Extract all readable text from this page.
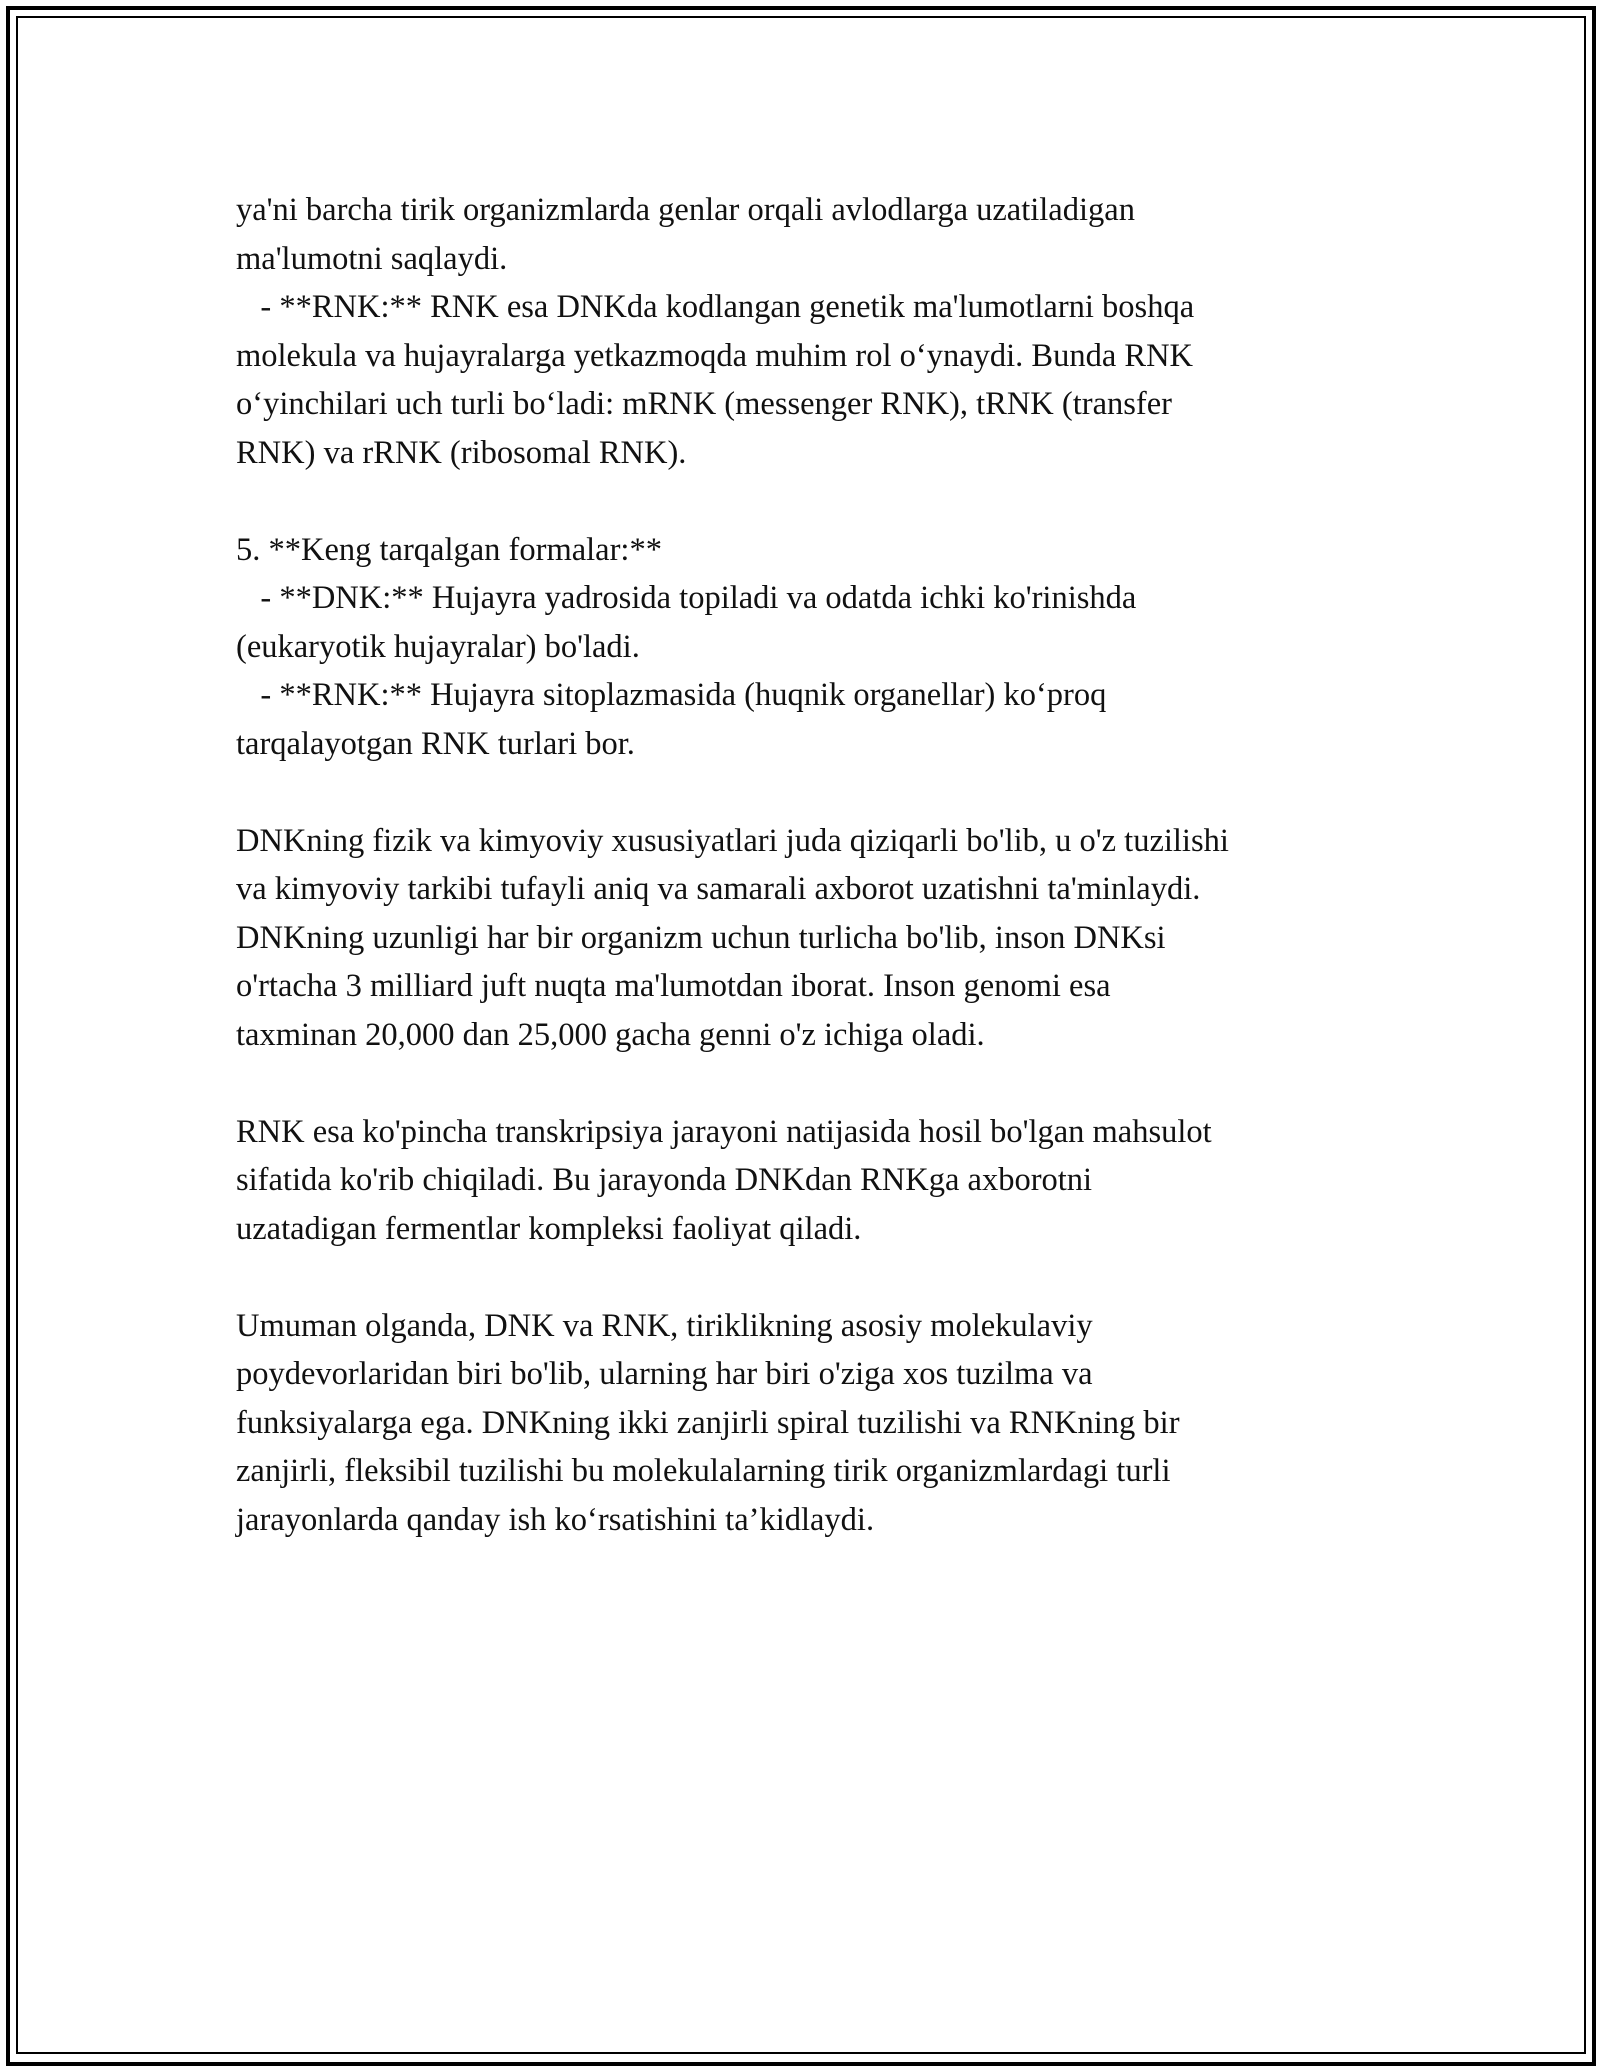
ya'ni barcha tirik organizmlarda genlar orqali avlodlarga uzatiladigan
ma'lumotni saqlaydi.
- **RNK:** RNK esa DNKda kodlangan genetik ma'lumotlarni boshqa
molekula va hujayralarga yetkazmoqda muhim rol o‘ynaydi. Bunda RNK
o‘yinchilari uch turli bo‘ladi: mRNK (messenger RNK), tRNK (transfer
RNK) va rRNK (ribosomal RNK).
5. **Keng tarqalgan formalar:**
- **DNK:** Hujayra yadrosida topiladi va odatda ichki ko'rinishda
(eukaryotik hujayralar) bo'ladi.
- **RNK:** Hujayra sitoplazmasida (huqnik organellar) ko‘proq
tarqalayotgan RNK turlari bor.
DNKning fizik va kimyoviy xususiyatlari juda qiziqarli bo'lib, u o'z tuzilishi
va kimyoviy tarkibi tufayli aniq va samarali axborot uzatishni ta'minlaydi.
DNKning uzunligi har bir organizm uchun turlicha bo'lib, inson DNKsi
o'rtacha 3 milliard juft nuqta ma'lumotdan iborat. Inson genomi esa
taxminan 20,000 dan 25,000 gacha genni o'z ichiga oladi.
RNK esa ko'pincha transkripsiya jarayoni natijasida hosil bo'lgan mahsulot
sifatida ko'rib chiqiladi. Bu jarayonda DNKdan RNKga axborotni
uzatadigan fermentlar kompleksi faoliyat qiladi.
Umuman olganda, DNK va RNK, tiriklikning asosiy molekulaviy
poydevorlaridan biri bo'lib, ularning har biri o'ziga xos tuzilma va
funksiyalarga ega. DNKning ikki zanjirli spiral tuzilishi va RNKning bir
zanjirli, fleksibil tuzilishi bu molekulalarning tirik organizmlardagi turli
jarayonlarda qanday ish ko‘rsatishini ta’kidlaydi.
